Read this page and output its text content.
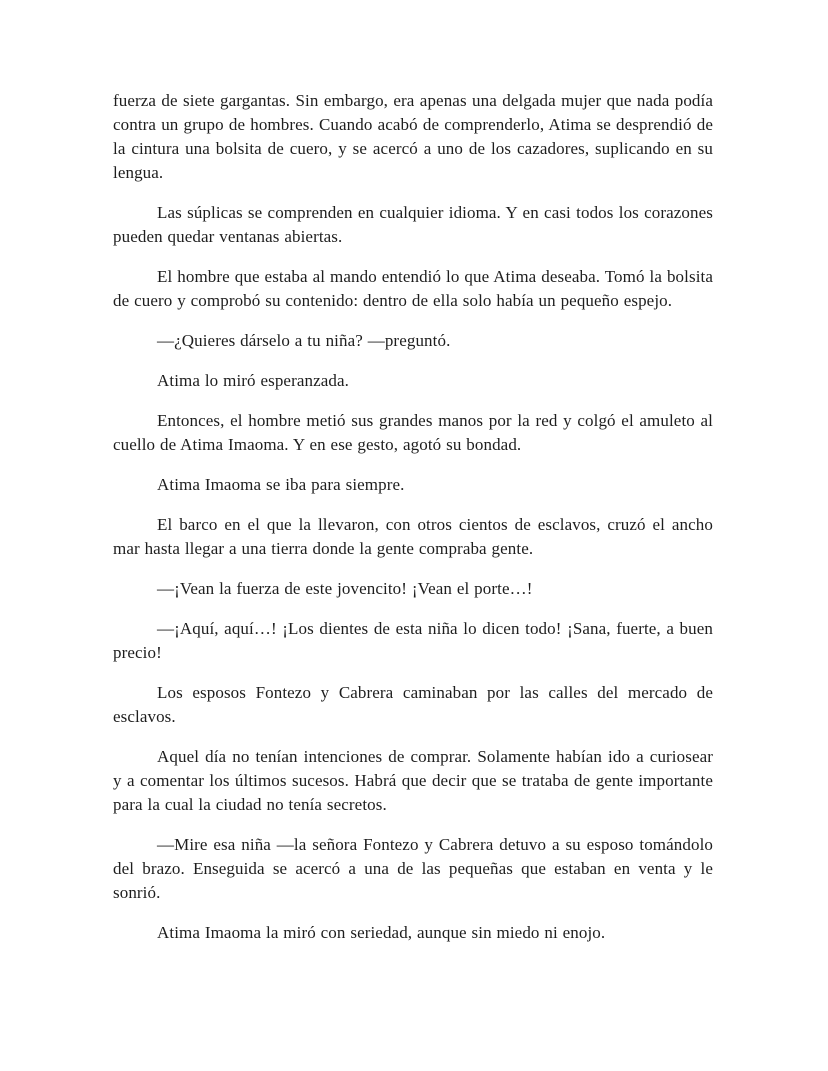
fuerza de siete gargantas. Sin embargo, era apenas una delgada mujer que nada podía contra un grupo de hombres. Cuando acabó de comprenderlo, Atima se desprendió de la cintura una bolsita de cuero, y se acercó a uno de los cazadores, suplicando en su lengua.

Las súplicas se comprenden en cualquier idioma. Y en casi todos los corazones pueden quedar ventanas abiertas.

El hombre que estaba al mando entendió lo que Atima deseaba. Tomó la bolsita de cuero y comprobó su contenido: dentro de ella solo había un pequeño espejo.

—¿Quieres dárselo a tu niña? —preguntó.

Atima lo miró esperanzada.

Entonces, el hombre metió sus grandes manos por la red y colgó el amuleto al cuello de Atima Imaoma. Y en ese gesto, agotó su bondad.

Atima Imaoma se iba para siempre.

El barco en el que la llevaron, con otros cientos de esclavos, cruzó el ancho mar hasta llegar a una tierra donde la gente compraba gente.

—¡Vean la fuerza de este jovencito! ¡Vean el porte…!

—¡Aquí, aquí…! ¡Los dientes de esta niña lo dicen todo! ¡Sana, fuerte, a buen precio!

Los esposos Fontezo y Cabrera caminaban por las calles del mercado de esclavos.

Aquel día no tenían intenciones de comprar. Solamente habían ido a curiosear y a comentar los últimos sucesos. Habrá que decir que se trataba de gente importante para la cual la ciudad no tenía secretos.

—Mire esa niña —la señora Fontezo y Cabrera detuvo a su esposo tomándolo del brazo. Enseguida se acercó a una de las pequeñas que estaban en venta y le sonrió.

Atima Imaoma la miró con seriedad, aunque sin miedo ni enojo.
